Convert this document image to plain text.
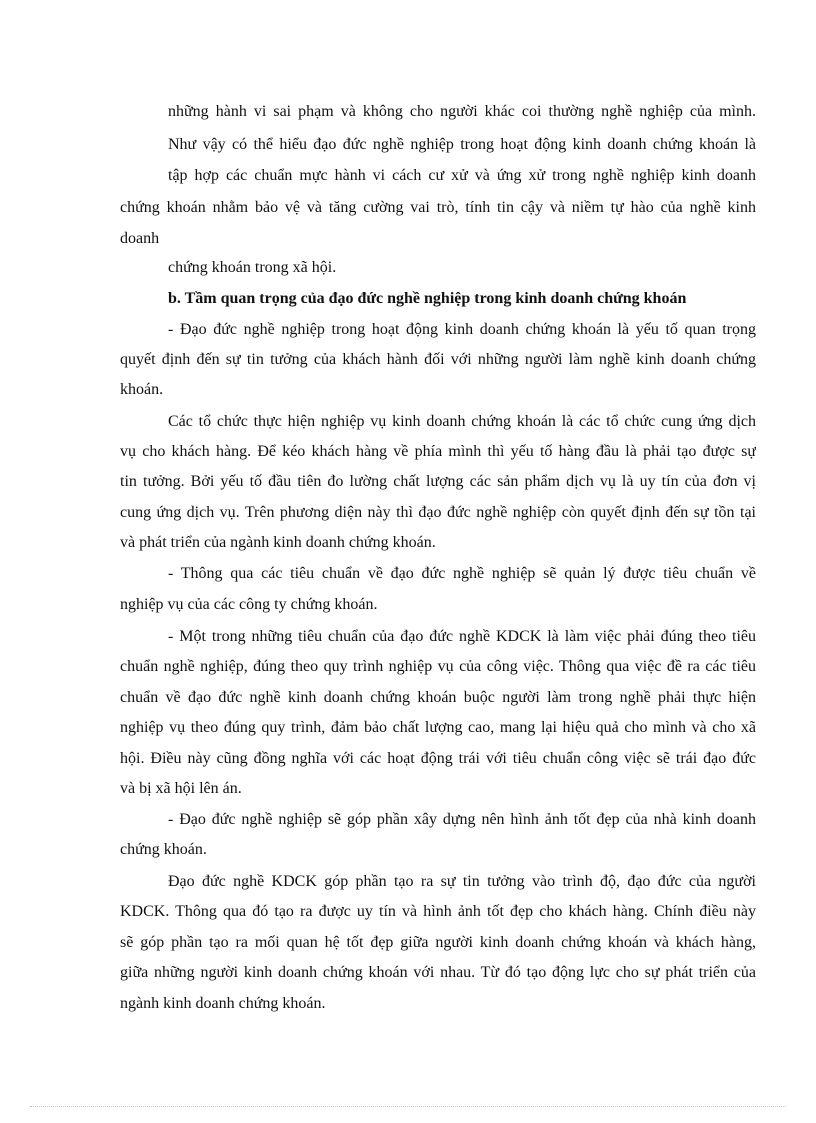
những hành vi sai phạm và không cho người khác coi thường nghề nghiệp của mình.
Như vậy có thể hiểu đạo đức nghề nghiệp trong hoạt động kinh doanh chứng khoán là
tập hợp các chuẩn mực hành vi cách cư xử và ứng xử trong nghề nghiệp kinh doanh
chứng khoán nhằm bảo vệ và tăng cường vai trò, tính tin cậy và niềm tự hào của nghề kinh
doanh
chứng khoán trong xã hội.
b. Tầm quan trọng của đạo đức nghề nghiệp trong kinh doanh chứng khoán
- Đạo đức nghề nghiệp trong hoạt động kinh doanh chứng khoán là yếu tố quan trọng
quyết định đến sự tin tưởng của khách hành đối với những người làm nghề kinh doanh chứng
khoán.
Các tổ chức thực hiện nghiệp vụ kinh doanh chứng khoán là các tổ chức cung ứng dịch
vụ cho khách hàng. Để kéo khách hàng về phía mình thì yếu tố hàng đầu là phải tạo được sự
tin tưởng. Bởi yếu tố đầu tiên đo lường chất lượng các sản phẩm dịch vụ là uy tín của đơn vị
cung ứng dịch vụ. Trên phương diện này thì đạo đức nghề nghiệp còn quyết định đến sự tồn tại
và phát triển của ngành kinh doanh chứng khoán.
- Thông qua các tiêu chuẩn về đạo đức nghề nghiệp sẽ quản lý được tiêu chuẩn về
nghiệp vụ của các công ty chứng khoán.
- Một trong những tiêu chuẩn của đạo đức nghề KDCK là làm việc phải đúng theo tiêu
chuẩn nghề nghiệp, đúng theo quy trình nghiệp vụ của công việc. Thông qua việc đề ra các tiêu
chuẩn về đạo đức nghề kinh doanh chứng khoán buộc người làm trong nghề phải thực hiện
nghiệp vụ theo đúng quy trình, đảm bảo chất lượng cao, mang lại hiệu quả cho mình và cho xã
hội. Điều này cũng đồng nghĩa với các hoạt động trái với tiêu chuẩn công việc sẽ trái đạo đức
và bị xã hội lên án.
- Đạo đức nghề nghiệp sẽ góp phần xây dựng nên hình ảnh tốt đẹp của nhà kinh doanh
chứng khoán.
Đạo đức nghề KDCK góp phần tạo ra sự tin tưởng vào trình độ, đạo đức của người
KDCK. Thông qua đó tạo ra được uy tín và hình ảnh tốt đẹp cho khách hàng. Chính điều này
sẽ góp phần tạo ra mối quan hệ tốt đẹp giữa người kinh doanh chứng khoán và khách hàng,
giữa những người kinh doanh chứng khoán với nhau. Từ đó tạo động lực cho sự phát triển của
ngành kinh doanh chứng khoán.
